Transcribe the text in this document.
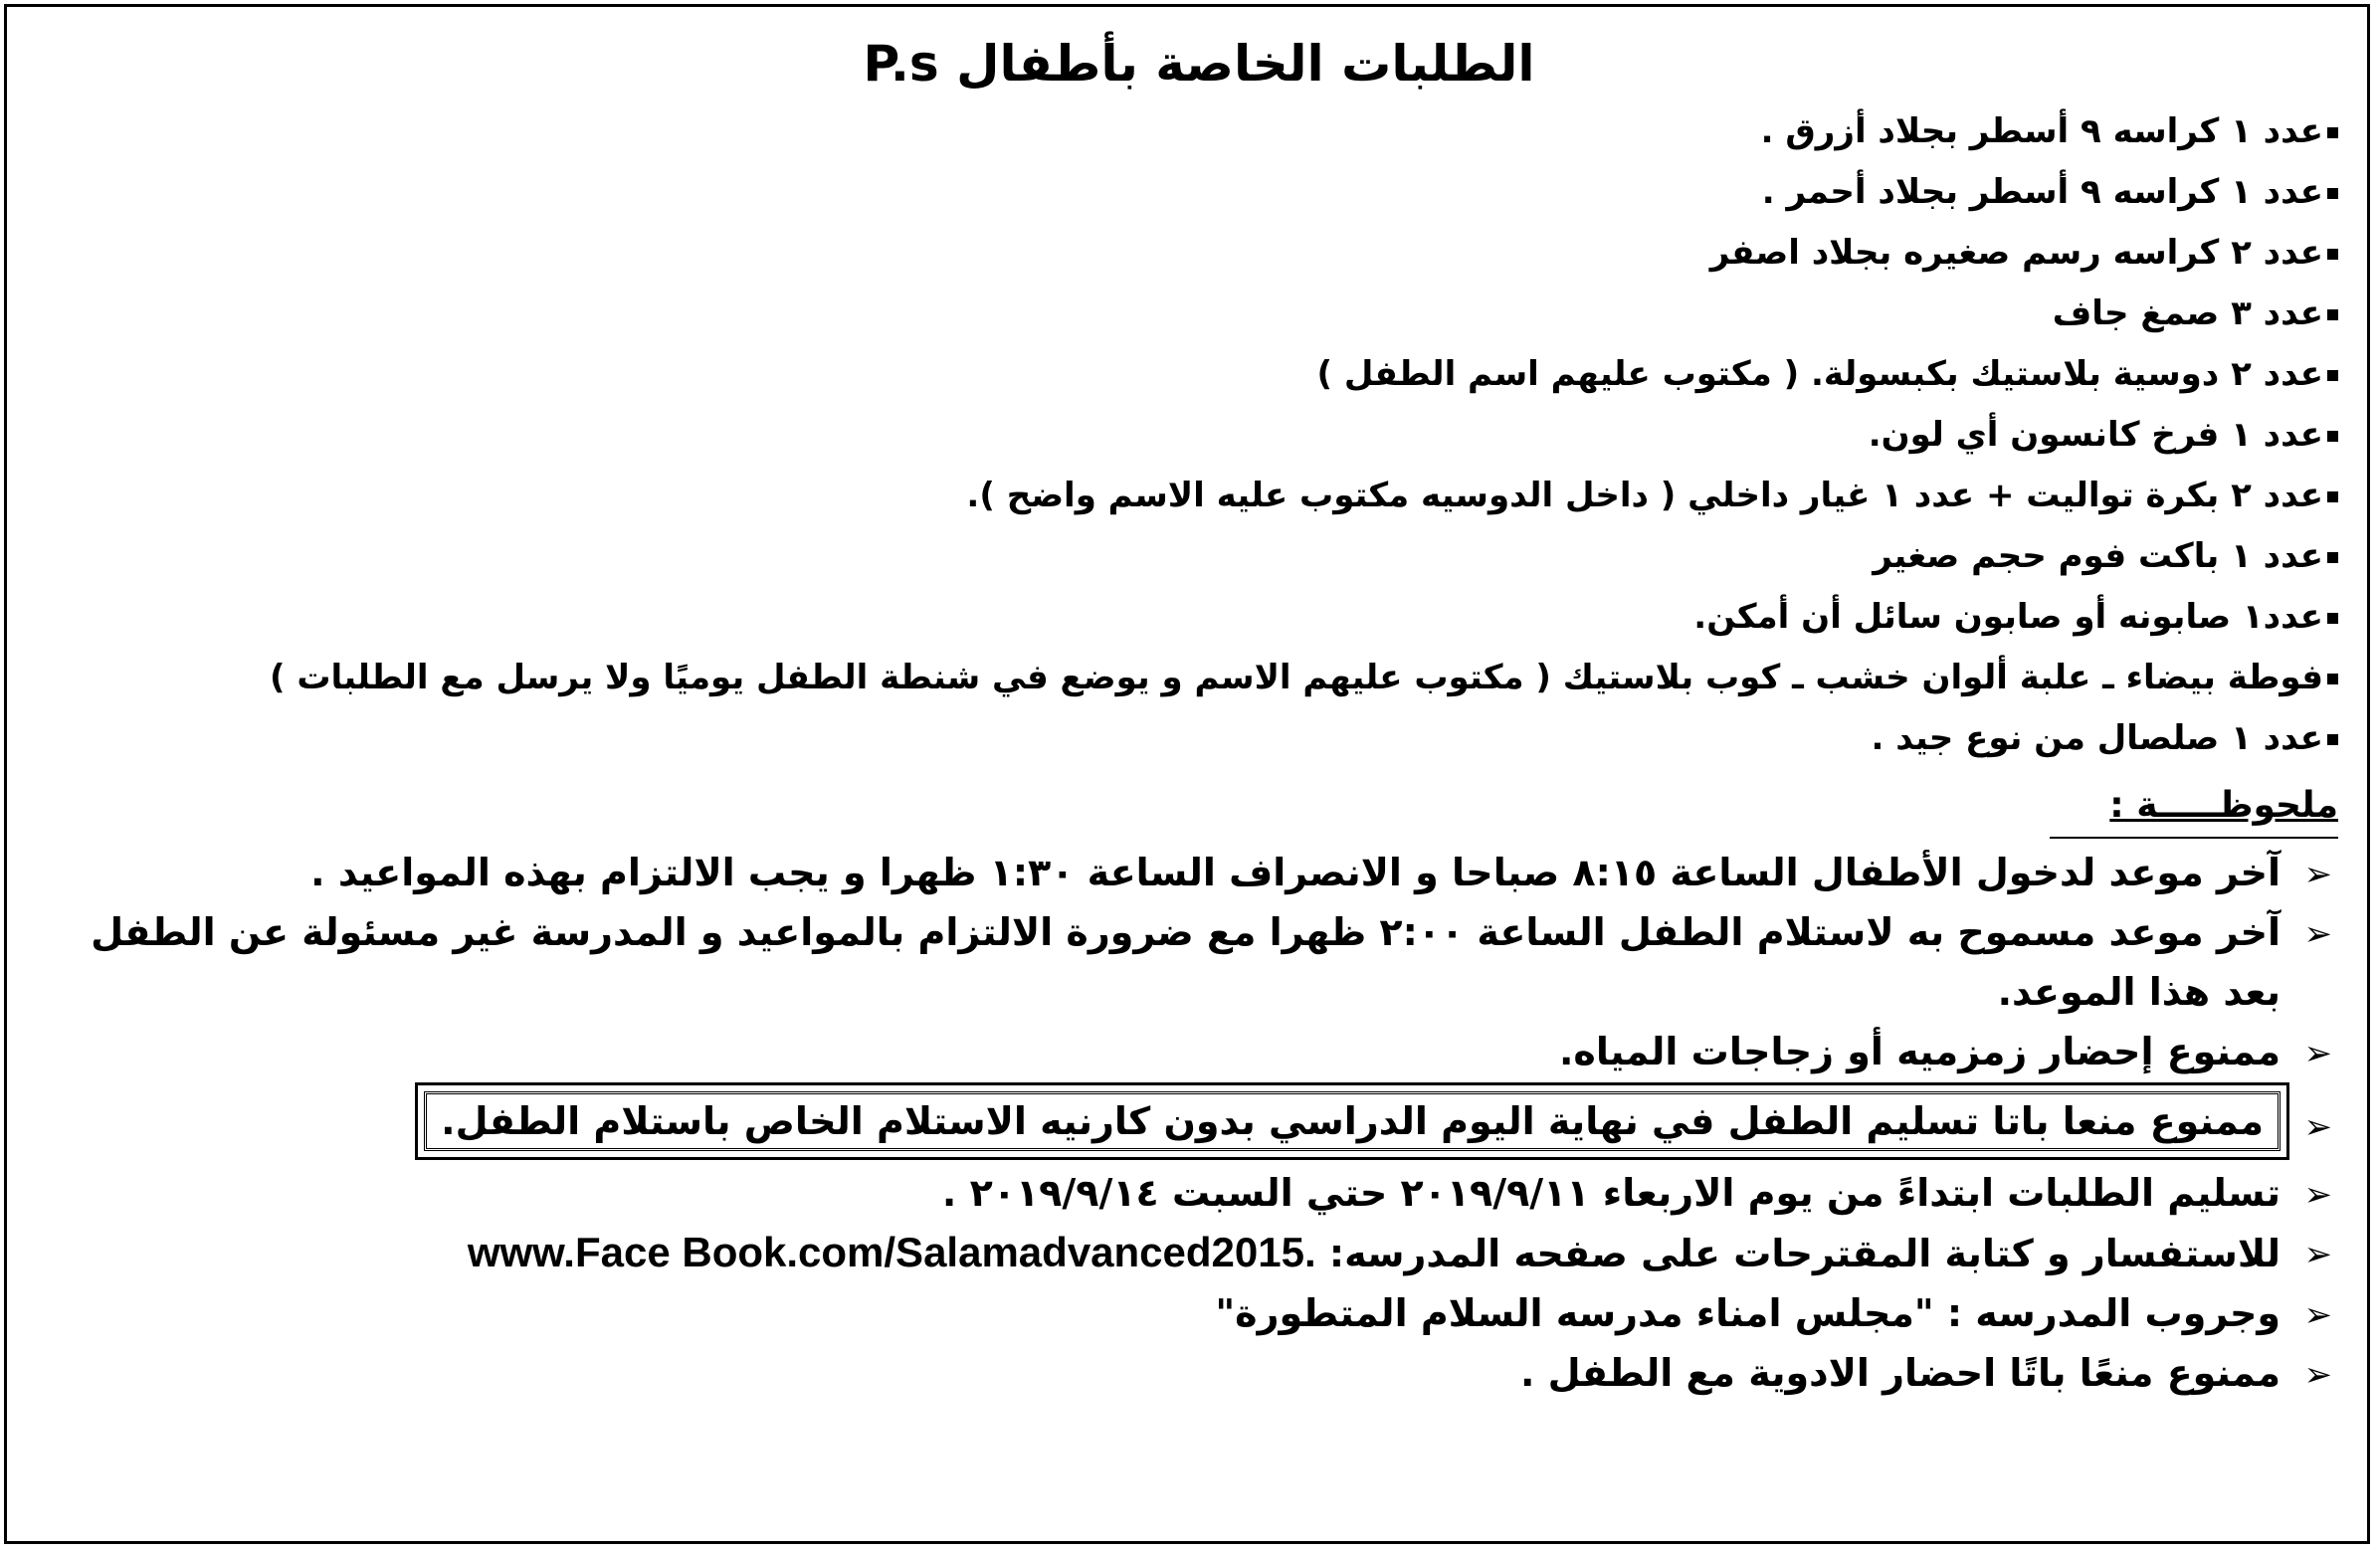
الطلبات الخاصة بأطفال P.s
عدد ١ كراسه ٩ أسطر بجلاد أزرق .
عدد ١ كراسه ٩ أسطر بجلاد أحمر .
عدد ٢ كراسه رسم صغيره بجلاد اصفر
عدد ٣ صمغ جاف
عدد ٢ دوسية بلاستيك بكبسولة. ( مكتوب عليهم اسم الطفل )
عدد ١ فرخ كانسون أي لون.
عدد ٢ بكرة تواليت + عدد ١ غيار داخلي ( داخل الدوسيه مكتوب عليه الاسم واضح ).
عدد ١ باكت فوم حجم صغير
عدد١ صابونه أو صابون سائل أن أمكن.
فوطة بيضاء ـ علبة ألوان خشب ـ كوب بلاستيك ( مكتوب عليهم الاسم و يوضع في شنطة الطفل يوميًا ولا يرسل مع الطلبات )
عدد ١ صلصال من نوع جيد .
ملحوظـــــة :
➢
آخر موعد لدخول الأطفال الساعة ٨:١٥ صباحا و الانصراف الساعة ١:٣٠ ظهرا و يجب الالتزام بهذه المواعيد .
➢
آخر موعد مسموح به لاستلام الطفل الساعة ٢:٠٠ ظهرا مع ضرورة الالتزام بالمواعيد و المدرسة غير مسئولة عن الطفل بعد هذا الموعد.
➢
ممنوع إحضار زمزميه أو زجاجات المياه.
➢
ممنوع منعا باتا تسليم الطفل في نهاية اليوم الدراسي بدون كارنيه الاستلام الخاص باستلام الطفل.
➢
تسليم الطلبات ابتداءً من يوم الاربعاء ٢٠١٩/٩/١١ حتي السبت ٢٠١٩/٩/١٤ .
➢
للاستفسار و كتابة المقترحات على صفحه المدرسه: www.Face Book.com/Salamadvanced2015.
➢
وجروب المدرسه : "مجلس امناء مدرسه السلام المتطورة"
➢
ممنوع منعًا باتًا احضار الادوية مع الطفل .
